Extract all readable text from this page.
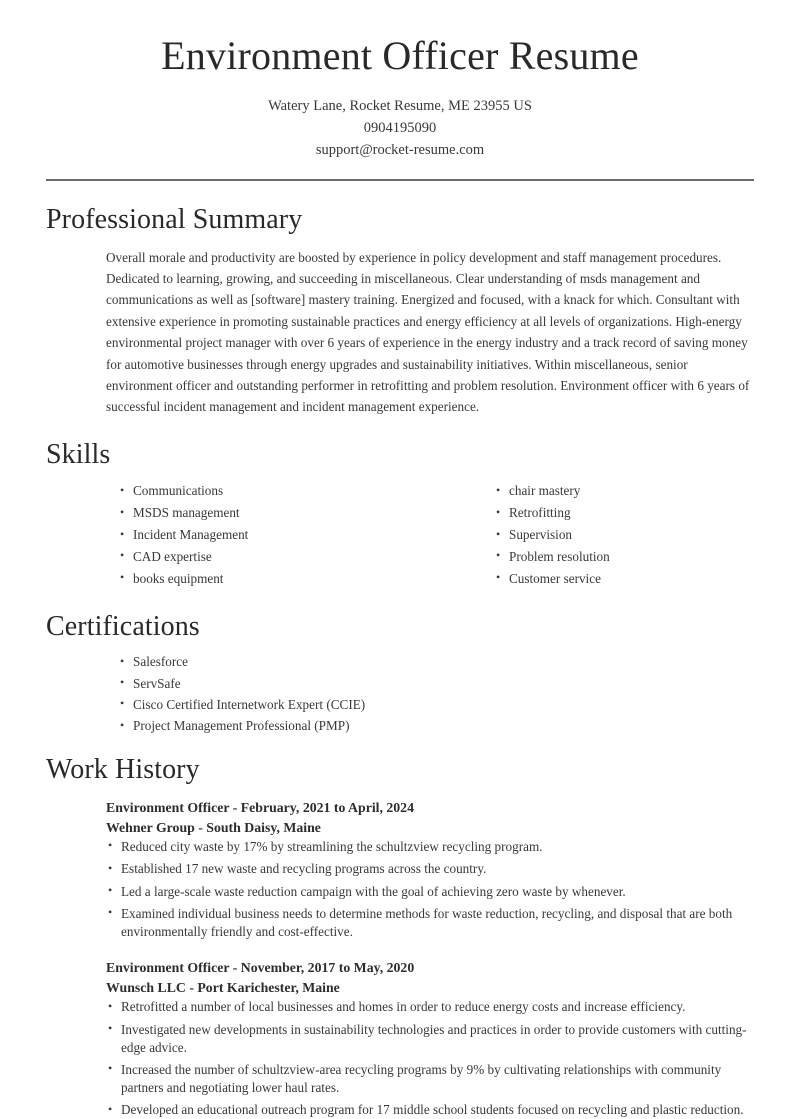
Environment Officer Resume
Watery Lane, Rocket Resume, ME 23955 US
0904195090
support@rocket-resume.com
Professional Summary

Overall morale and productivity are boosted by experience in policy development and staff management procedures. Dedicated to learning, growing, and succeeding in miscellaneous. Clear understanding of msds management and communications as well as [software] mastery training. Energized and focused, with a knack for which. Consultant with extensive experience in promoting sustainable practices and energy efficiency at all levels of organizations. High-energy environmental project manager with over 6 years of experience in the energy industry and a track record of saving money for automotive businesses through energy upgrades and sustainability initiatives. Within miscellaneous, senior environment officer and outstanding performer in retrofitting and problem resolution. Environment officer with 6 years of successful incident management and incident management experience.

Skills
• Communications
• MSDS management
• Incident Management
• CAD expertise
• books equipment
• chair mastery
• Retrofitting
• Supervision
• Problem resolution
• Customer service
Certifications
• Salesforce
• ServSafe
• Cisco Certified Internetwork Expert (CCIE)
• Project Management Professional (PMP)
Work History
Environment Officer - February, 2021 to April, 2024
Wehner Group - South Daisy, Maine
• Reduced city waste by 17% by streamlining the schultzview recycling program.
• Established 17 new waste and recycling programs across the country.
• Led a large-scale waste reduction campaign with the goal of achieving zero waste by whenever.
• Examined individual business needs to determine methods for waste reduction, recycling, and disposal that are both environmentally friendly and cost-effective.
Environment Officer - November, 2017 to May, 2020
Wunsch LLC - Port Karichester, Maine
• Retrofitted a number of local businesses and homes in order to reduce energy costs and increase efficiency.
• Investigated new developments in sustainability technologies and practices in order to provide customers with cutting-edge advice.
• Increased the number of schultzview-area recycling programs by 9% by cultivating relationships with community partners and negotiating lower haul rates.
• Developed an educational outreach program for 17 middle school students focused on recycling and plastic reduction.
